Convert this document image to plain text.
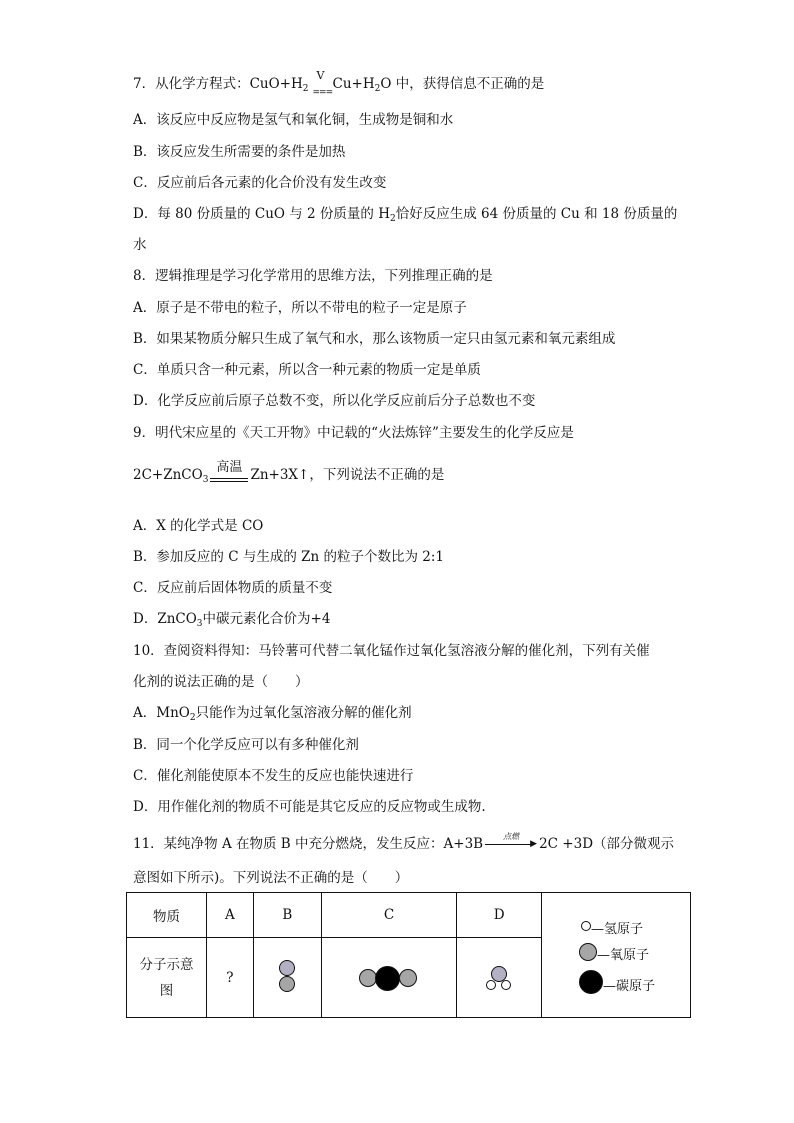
7．从化学方程式：$CuO+H_2$
V
===
$Cu+H_2O$ 中，获得信息不正确的是
A．该反应中反应物是氢气和氧化铜，生成物是铜和水
B．该反应发生所需要的条件是加热
C．反应前后各元素的化合价没有发生改变
D．每 80 份质量的 CuO 与 2 份质量的 $H_2$恰好反应生成 64 份质量的 Cu 和 18 份质量的
水
8．逻辑推理是学习化学常用的思维方法，下列推理正确的是
A．原子是不带电的粒子，所以不带电的粒子一定是原子
B．如果某物质分解只生成了氧气和水，那么该物质一定只由氢元素和氧元素组成
C．单质只含一种元素，所以含一种元素的物质一定是单质
D．化学反应前后原子总数不变，所以化学反应前后分子总数也不变
9．明代宋应星的《天工开物》中记载的“火法炼锌”主要发生的化学反应是
2C+ZnCO$_3$
高温 Zn+3X↑，下列说法不正确的是
A．X 的化学式是 CO
B．参加反应的 C 与生成的 Zn 的粒子个数比为 2:1
C．反应前后固体物质的质量不变
D．ZnCO$_3$中碳元素化合价为+4
10．查阅资料得知：马铃薯可代替二氧化锰作过氧化氢溶液分解的催化剂，下列有关催
化剂的说法正确的是（　　）
A．MnO$_2$只能作为过氧化氢溶液分解的催化剂
B．同一个化学反应可以有多种催化剂
C．催化剂能使原本不发生的反应也能快速进行
D．用作催化剂的物质不可能是其它反应的反应物或生成物.
11．某纯净物 A 在物质 B 中充分燃烧，发生反应：A+3B	点燃
▶ 2C +3D（部分微观示
意图如下所示)。下列说法不正确的是（　　）
物质	A	B	C	D	—氢原子
—氧原子
—碳原子

分子示意图	?		
